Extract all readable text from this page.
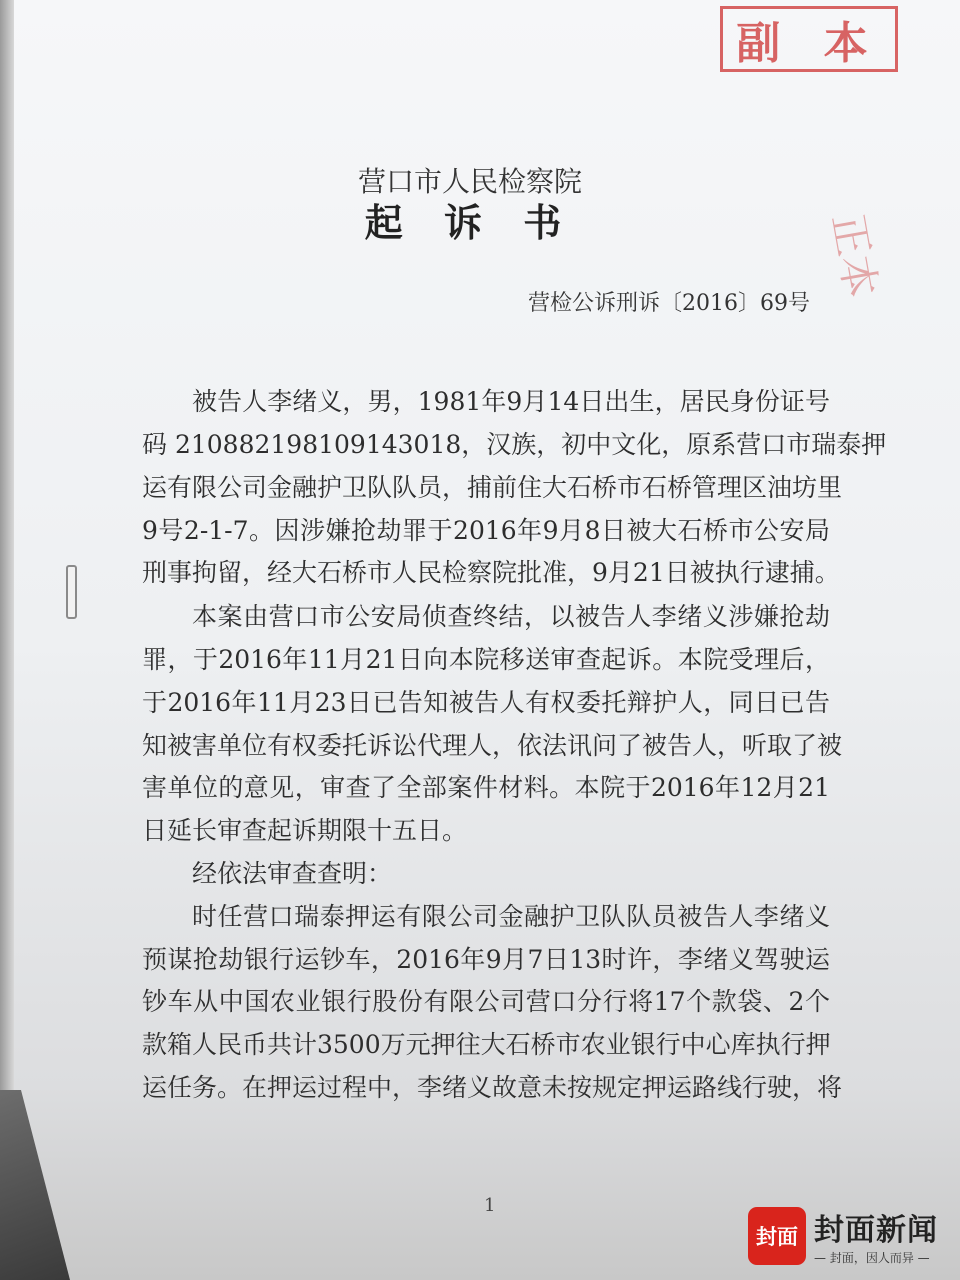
副 本
正本
营口市人民检察院
起 诉 书
营检公诉刑诉〔2016〕69号
被告人李绪义，男，1981年9月14日出生，居民身份证号
码 210882198109143018，汉族，初中文化，原系营口市瑞泰押
运有限公司金融护卫队队员，捕前住大石桥市石桥管理区油坊里
9号2-1-7。因涉嫌抢劫罪于2016年9月8日被大石桥市公安局
刑事拘留，经大石桥市人民检察院批准，9月21日被执行逮捕。
本案由营口市公安局侦查终结，以被告人李绪义涉嫌抢劫
罪，于2016年11月21日向本院移送审查起诉。本院受理后，
于2016年11月23日已告知被告人有权委托辩护人，同日已告
知被害单位有权委托诉讼代理人，依法讯问了被告人，听取了被
害单位的意见，审查了全部案件材料。本院于2016年12月21
日延长审查起诉期限十五日。
经依法审查查明：
时任营口瑞泰押运有限公司金融护卫队队员被告人李绪义
预谋抢劫银行运钞车，2016年9月7日13时许，李绪义驾驶运
钞车从中国农业银行股份有限公司营口分行将17个款袋、2个
款箱人民币共计3500万元押往大石桥市农业银行中心库执行押
运任务。在押运过程中，李绪义故意未按规定押运路线行驶，将
1
封面 封面新闻
— 封面，因人而异 —
